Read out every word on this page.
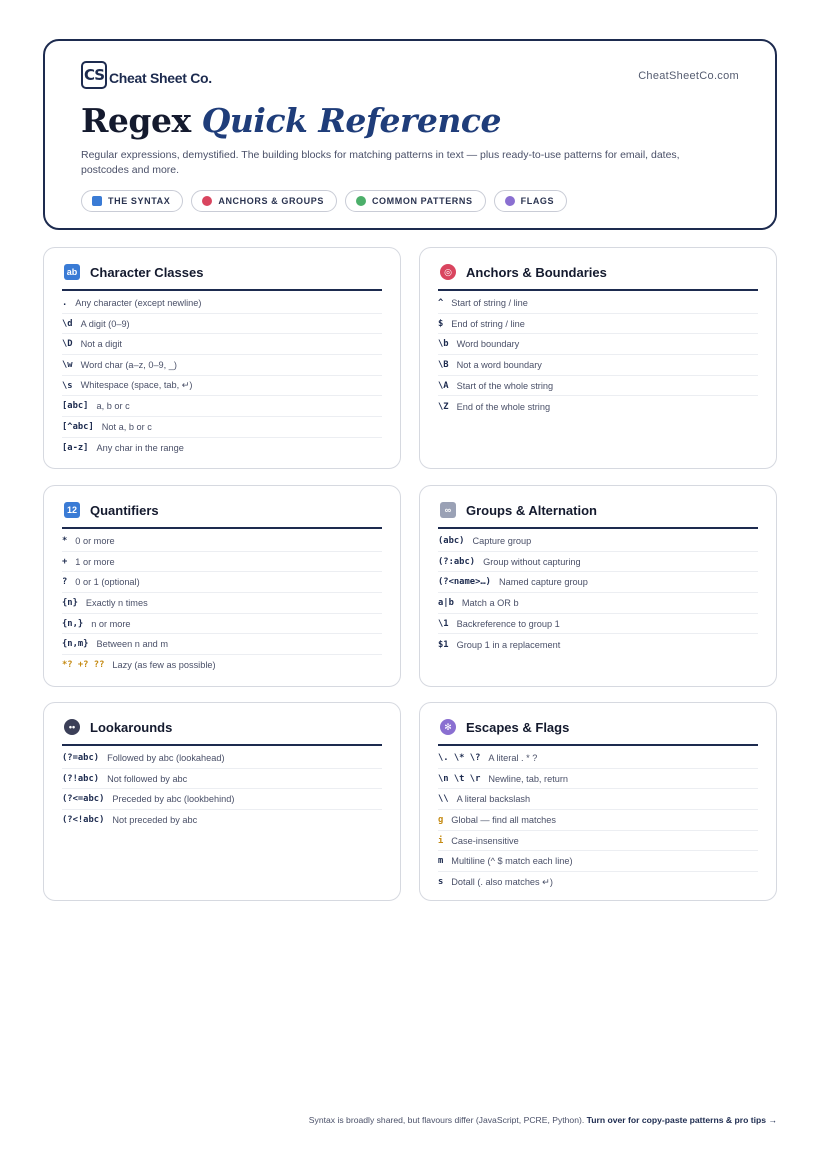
CS Cheat Sheet Co.	CheatSheetCo.com
Regex Quick Reference
Regular expressions, demystified. The building blocks for matching patterns in text — plus ready-to-use patterns for email, dates, postcodes and more.
THE SYNTAX	ANCHORS & GROUPS	COMMON PATTERNS	FLAGS
ab Character Classes
. Any character (except newline)
\d A digit (0–9)
\D Not a digit
\w Word char (a–z, 0–9, _)
\s Whitespace (space, tab, ↵)
[abc] a, b or c
[^abc] Not a, b or c
[a-z] Any char in the range
◎	Anchors & Boundaries
^ Start of string / line
$ End of string / line
\b Word boundary
\B Not a word boundary
\A Start of the whole string
\Z End of the whole string
12 Quantifiers
* 0 or more
+ 1 or more
? 0 or 1 (optional)
{n} Exactly n times
{n,} n or more
{n,m} Between n and m
*? +? ?? Lazy (as few as possible)
∞	Groups & Alternation
(abc) Capture group
(?:abc) Group without capturing
(?<name>…) Named capture group
a|b Match a OR b
\1 Backreference to group 1
$1 Group 1 in a replacement
••	Lookarounds
(?=abc) Followed by abc (lookahead)
(?!abc) Not followed by abc
(?<=abc) Preceded by abc (lookbehind)
(?<!abc) Not preceded by abc
✻	Escapes & Flags
\. \* \? A literal . * ?
\n \t \r Newline, tab, return
\\ A literal backslash
g Global — find all matches
i Case-insensitive
m Multiline (^ $ match each line)
s Dotall (. also matches ↵)
Syntax is broadly shared, but flavours differ (JavaScript, PCRE, Python). Turn over for copy-paste patterns & pro tips →
